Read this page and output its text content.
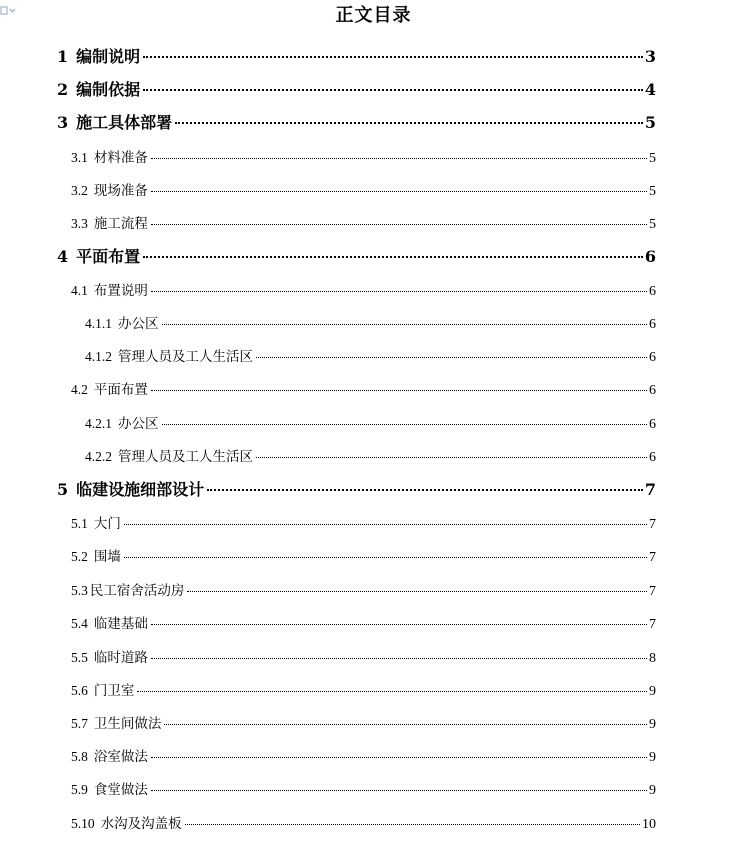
正文目录
1 编制说明	3
2 编制依据	4
3 施工具体部署	5
3.1 材料准备	5
3.2 现场准备	5
3.3 施工流程	5
4 平面布置	6
4.1 布置说明	6
4.1.1 办公区	6
4.1.2 管理人员及工人生活区	6
4.2 平面布置	6
4.2.1 办公区	6
4.2.2 管理人员及工人生活区	6
5 临建设施细部设计	7
5.1 大门	7
5.2 围墙	7
5.3 民工宿舍活动房	7
5.4 临建基础	7
5.5 临时道路	8
5.6 门卫室	9
5.7 卫生间做法	9
5.8 浴室做法	9
5.9 食堂做法	9
5.10 水沟及沟盖板	10
